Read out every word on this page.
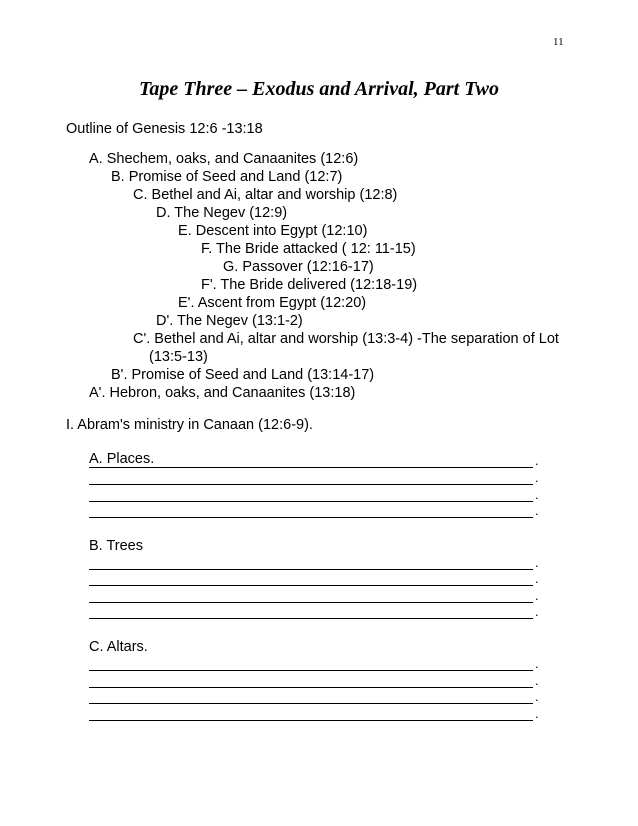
11
Tape Three – Exodus and Arrival, Part Two
Outline of Genesis 12:6 -13:18
A. Shechem, oaks, and Canaanites (12:6)
B. Promise of Seed and Land (12:7)
C. Bethel and Ai, altar and worship (12:8)
D. The Negev (12:9)
E. Descent into Egypt (12:10)
F. The Bride attacked ( 12: 11-15)
G. Passover (12:16-17)
F'. The Bride delivered (12:18-19)
E'. Ascent from Egypt (12:20)
D'. The Negev (13:1-2)
C'. Bethel and Ai, altar and worship (13:3-4) -The separation of Lot
(13:5-13)
B'. Promise of Seed and Land (13:14-17)
A'. Hebron, oaks, and Canaanites (13:18)
I. Abram's ministry in Canaan (12:6-9).
A. Places.	.
.
.
.
B. Trees
.
.
.
.
C. Altars.
.
.
.
.
